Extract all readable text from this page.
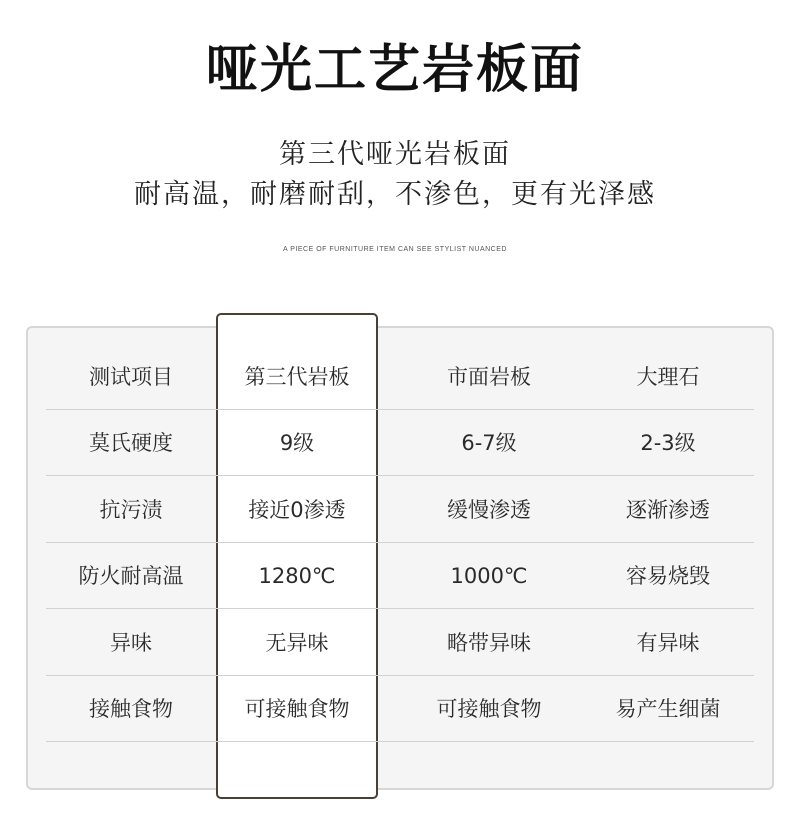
哑光工艺岩板面
第三代哑光岩板面
耐高温，耐磨耐刮，不渗色，更有光泽感
A PIECE OF FURNITURE ITEM CAN SEE STYLIST NUANCED
测试项目	第三代岩板	市面岩板	大理石
莫氏硬度	9级	6-7级	2-3级
抗污渍	接近0渗透	缓慢渗透	逐渐渗透
防火耐高温	1280℃	1000℃	容易烧毁
异味	无异味	略带异味	有异味
接触食物	可接触食物	可接触食物	易产生细菌
